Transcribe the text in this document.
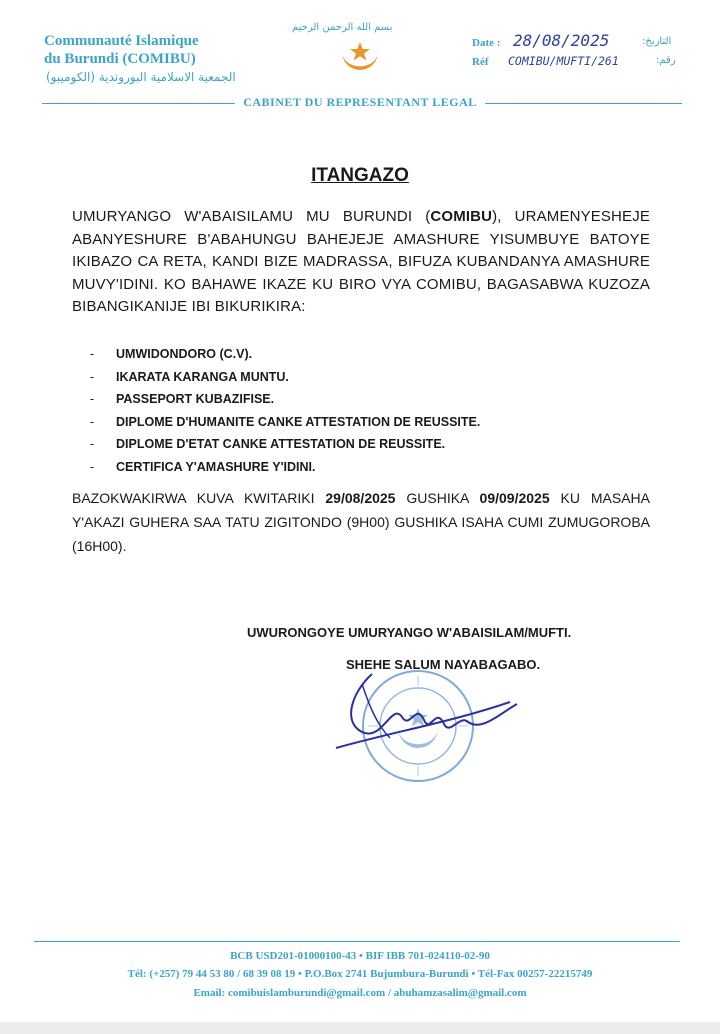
Communauté Islamique
du Burundi (COMIBU)
الجمعية الاسلامية البوروندية (الكوميبو)
بسم الله الرحمن الرحيم
Date : 28/08/2025	التاريخ:
Réf COMIBU/MUFTI/261	رقم:
CABINET DU REPRESENTANT LEGAL
ITANGAZO
UMURYANGO W'ABAISILAMU MU BURUNDI (COMIBU), URAMENYESHEJE ABANYESHURE B'ABAHUNGU BAHEJEJE AMASHURE YISUMBUYE BATOYE IKIBAZO CA RETA, KANDI BIZE MADRASSA, BIFUZA KUBANDANYA AMASHURE MUVY'IDINI. KO BAHAWE IKAZE KU BIRO VYA COMIBU, BAGASABWA KUZOZA BIBANGIKANIJE IBI BIKURIKIRA:
- UMWIDONDORO (C.V).
- IKARATA KARANGA MUNTU.
- PASSEPORT KUBAZIFISE.
- DIPLOME D'HUMANITE CANKE ATTESTATION DE REUSSITE.
- DIPLOME D'ETAT CANKE ATTESTATION DE REUSSITE.
- CERTIFICA Y'AMASHURE Y'IDINI.
BAZOKWAKIRWA KUVA KWITARIKI 29/08/2025 GUSHIKA 09/09/2025 KU MASAHA Y'AKAZI GUHERA SAA TATU ZIGITONDO (9H00) GUSHIKA ISAHA CUMI ZUMUGOROBA (16H00).
UWURONGOYE UMURYANGO W'ABAISILAM/MUFTI.
SHEHE SALUM NAYABAGABO.
BCB USD201-01000100-43 • BIF IBB 701-024110-02-90
Tél: (+257) 79 44 53 80 / 68 39 08 19 • P.O.Box 2741 Bujumbura-Burundi • Tél-Fax 00257-22215749
Email: comibuislamburundi@gmail.com / abuhamzasalim@gmail.com
